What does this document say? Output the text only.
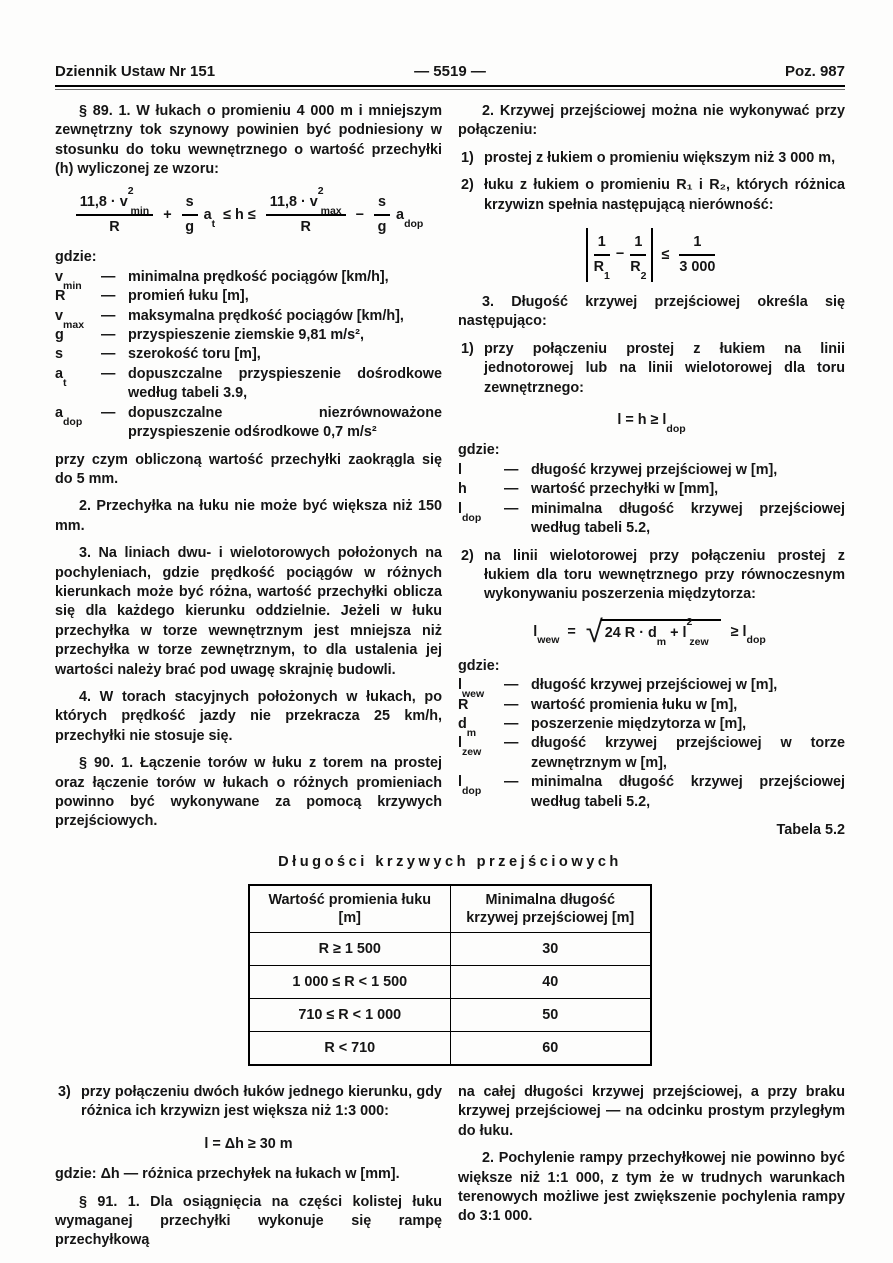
Dziennik Ustaw Nr 151	— 5519 —	Poz. 987

§ 89. 1. W łukach o promieniu 4 000 m i mniejszym zewnętrzny tok szynowy powinien być podniesiony w stosunku do toku wewnętrznego o wartość przechyłki (h) wyliczonej ze wzoru:

$\frac{11,8 \cdot v^2_{min}}{R} + \frac{s}{g} a_t \le h \le \frac{11,8 \cdot v^2_{max}}{R} - \frac{s}{g} a_{dop}$
gdzie:
$v_{min}$
— minimalna prędkość pociągów [km/h],
R	— promień łuku [m],
$v_{max}$
— maksymalna prędkość pociągów [km/h],
g	— przyspieszenie ziemskie 9,81 m/s²,
s	— szerokość toru [m],
$a_t$
— dopuszczalne przyspieszenie dośrodkowe według tabeli 3.9,
$a_{dop}$
— dopuszczalne niezrównoważone przyspieszenie odśrodkowe 0,7 m/s²

przy czym obliczoną wartość przechyłki zaokrągla się do 5 mm.

2. Przechyłka na łuku nie może być większa niż 150 mm.

3. Na liniach dwu- i wielotorowych położonych na pochyleniach, gdzie prędkość pociągów w różnych kierunkach może być różna, wartość przechyłki oblicza się dla każdego kierunku oddzielnie. Jeżeli w łuku przechyłka w torze wewnętrznym jest mniejsza niż przechyłka w torze zewnętrznym, to dla ustalenia jej wartości należy brać pod uwagę skrajnię budowli.

4. W torach stacyjnych położonych w łukach, po których prędkość jazdy nie przekracza 25 km/h, przechyłki nie stosuje się.

§ 90. 1. Łączenie torów w łuku z torem na prostej oraz łączenie torów w łukach o różnych promieniach powinno być wykonywane za pomocą krzywych przejściowych.

2. Krzywej przejściowej można nie wykonywać przy połączeniu:

1) prostej z łukiem o promieniu większym niż 3 000 m,
2) łuku z łukiem o promieniu R₁ i R₂, których różnica krzywizn spełnia następującą nierówność:
$\frac{1}{R_1} - \frac{1}{R_2} \le \frac{1}{3 000}$

3. Długość krzywej przejściowej określa się następująco:

1) przy połączeniu prostej z łukiem na linii jednotorowej lub na linii wielotorowej dla toru zewnętrznego:
$l = h \ge l_{dop}$
gdzie:
l	— długość krzywej przejściowej w [m],
h	— wartość przechyłki w [mm],
$l_{dop}$
— minimalna długość krzywej przejściowej według tabeli 5.2,
2) na linii wielotorowej przy połączeniu prostej z łukiem dla toru wewnętrznego przy równoczesnym wykonywaniu poszerzenia międzytorza:
$l_{wew}$ = √ 24 $R \cdot d_m + l^2_{zew}$
≥ $l_{dop}$
gdzie:
$l_{wew}$
— długość krzywej przejściowej w [m],
R	— wartość promienia łuku w [m],
$d_m$
— poszerzenie międzytorza w [m],
$l_{zew}$
— długość krzywej przejściowej w torze zewnętrznym w [m],
$l_{dop}$
— minimalna długość krzywej przejściowej według tabeli 5.2,
Tabela 5.2
Długości krzywych przejściowych
Wartość promienia łuku
[m]	Minimalna długość
krzywej przejściowej [m]

R ≥ 1 500	30
1 000 ≤ R < 1 500	40
710 ≤ R < 1 000	50
R < 710	60
3) przy połączeniu dwóch łuków jednego kierunku, gdy różnica ich krzywizn jest większa niż 1:3 000:
l = Δh ≥ 30 m
gdzie: Δh — różnica przechyłek na łukach w [mm].

§ 91. 1. Dla osiągnięcia na części kolistej łuku wymaganej przechyłki wykonuje się rampę przechyłkową

na całej długości krzywej przejściowej, a przy braku krzywej przejściowej — na odcinku prostym przyległym do łuku.

2. Pochylenie rampy przechyłkowej nie powinno być większe niż 1:1 000, z tym że w trudnych warunkach terenowych możliwe jest zwiększenie pochylenia rampy do 3:1 000.
